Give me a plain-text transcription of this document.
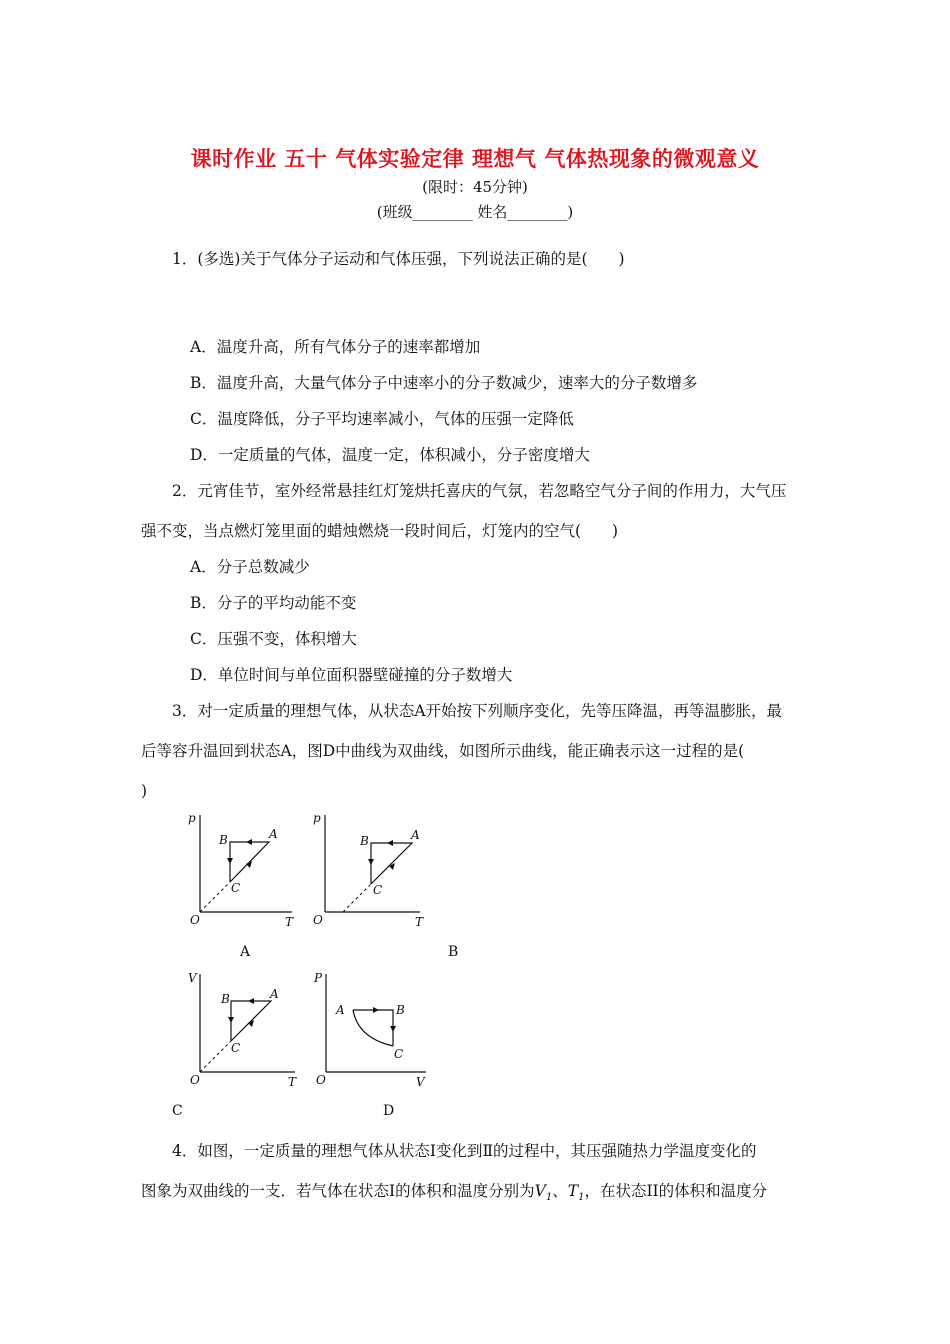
课时作业 五十 气体实验定律 理想气 气体热现象的微观意义
(限时：45分钟)
(班级________ 姓名________)
1．(多选)关于气体分子运动和气体压强，下列说法正确的是(　　)
A．温度升高，所有气体分子的速率都增加
B．温度升高，大量气体分子中速率小的分子数减少，速率大的分子数增多
C．温度降低，分子平均速率减小，气体的压强一定降低
D．一定质量的气体，温度一定，体积减小，分子密度增大
2．元宵佳节，室外经常悬挂红灯笼烘托喜庆的气氛，若忽略空气分子间的作用力，大气压
强不变，当点燃灯笼里面的蜡烛燃烧一段时间后，灯笼内的空气(　　)
A．分子总数减少
B．分子的平均动能不变
C．压强不变，体积增大
D．单位时间与单位面积器壁碰撞的分子数增大
3．对一定质量的理想气体，从状态A开始按下列顺序变化，先等压降温，再等温膨胀，最
后等容升温回到状态A，图D中曲线为双曲线，如图所示曲线，能正确表示这一过程的是(
)
p
T
O
B	A
C
A
p
T
O
B	A
C
B
V
T
O
B	A
C
C
P
V
O
A	B
C
D
4．如图，一定质量的理想气体从状态Ⅰ变化到Ⅱ的过程中，其压强随热力学温度变化的
图象为双曲线的一支．若气体在状态Ⅰ的体积和温度分别为$V_1$、$T_1$，在状态II的体积和温度分
